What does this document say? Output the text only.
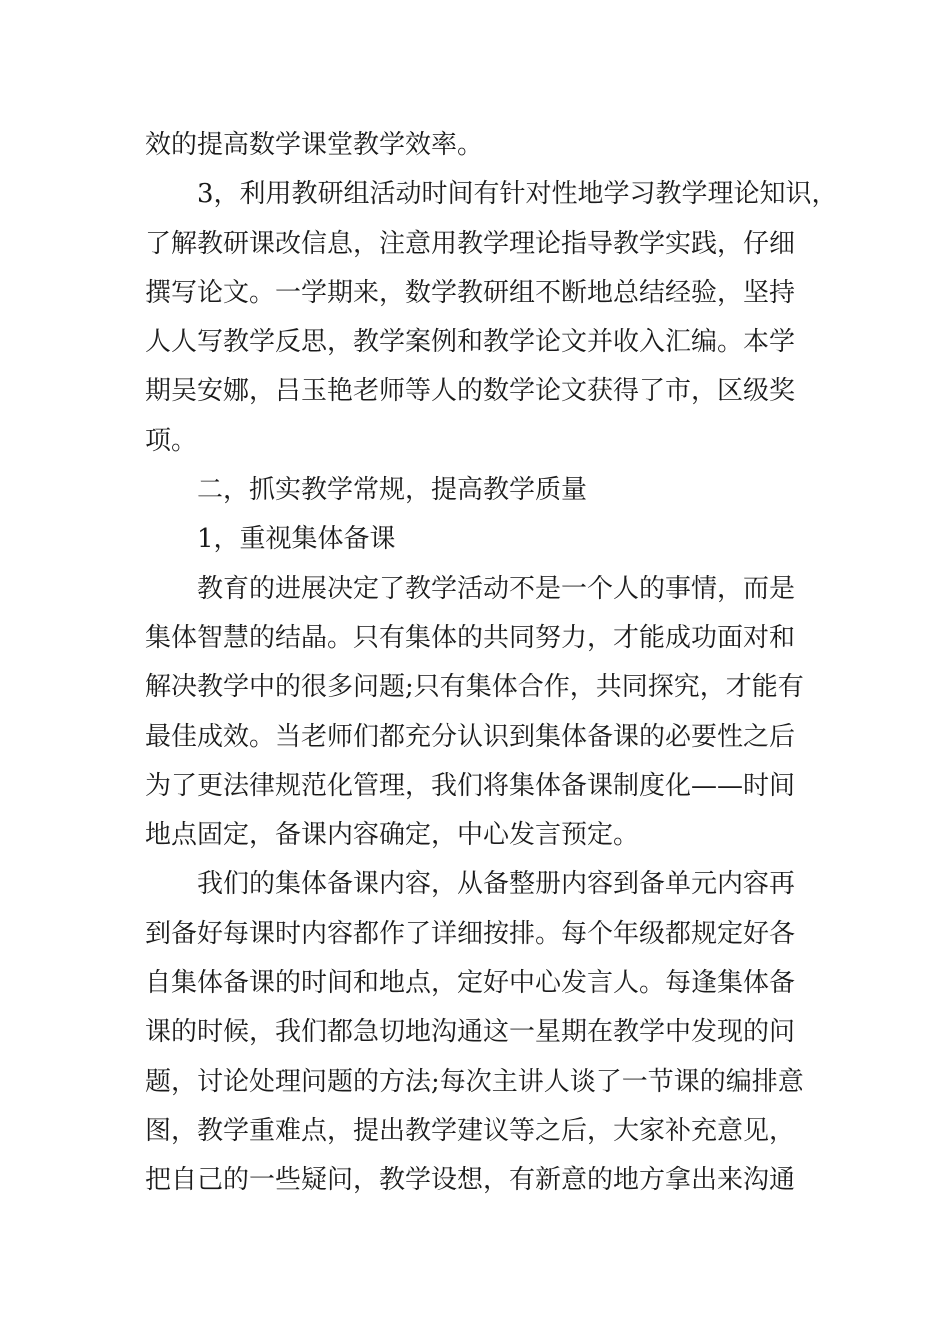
效的提高数学课堂教学效率。
3，利用教研组活动时间有针对性地学习教学理论知识，
了解教研课改信息，注意用教学理论指导教学实践，仔细
撰写论文。一学期来，数学教研组不断地总结经验，坚持
人人写教学反思，教学案例和教学论文并收入汇编。本学
期吴安娜，吕玉艳老师等人的数学论文获得了市，区级奖
项。
二，抓实教学常规，提高教学质量
1，重视集体备课
教育的进展决定了教学活动不是一个人的事情，而是
集体智慧的结晶。只有集体的共同努力，才能成功面对和
解决教学中的很多问题;只有集体合作，共同探究，才能有
最佳成效。当老师们都充分认识到集体备课的必要性之后
为了更法律规范化管理，我们将集体备课制度化——时间
地点固定，备课内容确定，中心发言预定。
我们的集体备课内容，从备整册内容到备单元内容再
到备好每课时内容都作了详细按排。每个年级都规定好各
自集体备课的时间和地点，定好中心发言人。每逢集体备
课的时候，我们都急切地沟通这一星期在教学中发现的问
题，讨论处理问题的方法;每次主讲人谈了一节课的编排意
图，教学重难点，提出教学建议等之后，大家补充意见，
把自己的一些疑问，教学设想，有新意的地方拿出来沟通
